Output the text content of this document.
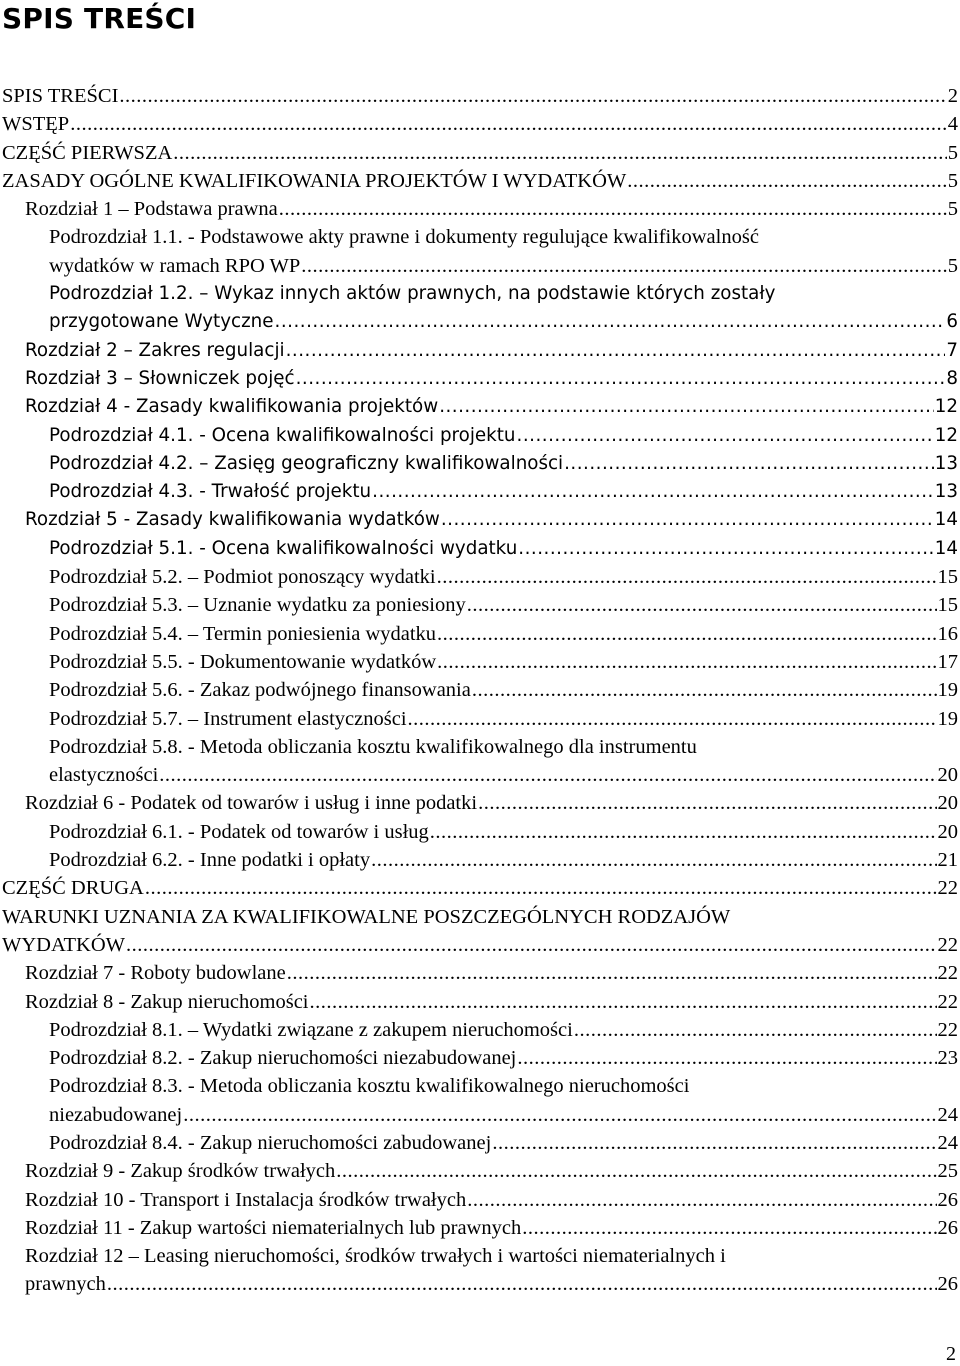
SPIS TREŚCI
SPIS TREŚCI .....	2
WSTĘP .....	4
CZĘŚĆ PIERWSZA .....	5
ZASADY OGÓLNE KWALIFIKOWANIA PROJEKTÓW I WYDATKÓW .....	5
Rozdział 1 – Podstawa prawna .....	5
Podrozdział 1.1. - Podstawowe akty prawne i dokumenty regulujące kwalifikowalność
wydatków w ramach RPO WP .....	5
Podrozdział 1.2. – Wykaz innych aktów prawnych, na podstawie których zostały
przygotowane Wytyczne .....	6
Rozdział 2 – Zakres regulacji .....	7
Rozdział 3 – Słowniczek pojęć .....	8
Rozdział 4 - Zasady kwalifikowania projektów .....	12
Podrozdział 4.1. - Ocena kwalifikowalności projektu .....	12
Podrozdział 4.2. – Zasięg geograficzny kwalifikowalności .....	13
Podrozdział 4.3. - Trwałość projektu .....	13
Rozdział 5 - Zasady kwalifikowania wydatków .....	14
Podrozdział 5.1. - Ocena kwalifikowalności wydatku .....	14
Podrozdział 5.2. – Podmiot ponoszący wydatki .....	15
Podrozdział 5.3. – Uznanie wydatku za poniesiony .....	15
Podrozdział 5.4. – Termin poniesienia wydatku .....	16
Podrozdział 5.5. - Dokumentowanie wydatków .....	17
Podrozdział 5.6. - Zakaz podwójnego finansowania .....	19
Podrozdział 5.7. – Instrument elastyczności .....	19
Podrozdział 5.8. - Metoda obliczania kosztu kwalifikowalnego dla instrumentu
elastyczności .....	20
Rozdział 6 - Podatek od towarów i usług i inne podatki .....	20
Podrozdział 6.1. - Podatek od towarów i usług .....	20
Podrozdział 6.2. - Inne podatki i opłaty .....	21
CZĘŚĆ DRUGA .....	22
WARUNKI UZNANIA ZA KWALIFIKOWALNE POSZCZEGÓLNYCH RODZAJÓW
WYDATKÓW .....	22
Rozdział 7 - Roboty budowlane .....	22
Rozdział 8 - Zakup nieruchomości .....	22
Podrozdział 8.1. – Wydatki związane z zakupem nieruchomości .....	22
Podrozdział 8.2. - Zakup nieruchomości niezabudowanej .....	23
Podrozdział 8.3. - Metoda obliczania kosztu kwalifikowalnego nieruchomości
niezabudowanej .....	24
Podrozdział 8.4. - Zakup nieruchomości zabudowanej .....	24
Rozdział 9 - Zakup środków trwałych .....	25
Rozdział 10 - Transport i Instalacja środków trwałych .....	26
Rozdział 11 - Zakup wartości niematerialnych lub prawnych .....	26
Rozdział 12 – Leasing nieruchomości, środków trwałych i wartości niematerialnych i
prawnych .....	26
2
